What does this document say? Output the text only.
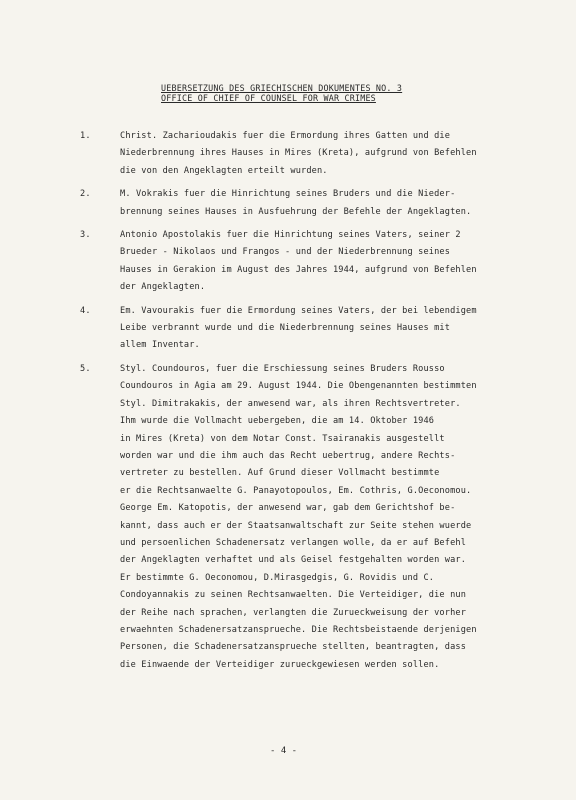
UEBERSETZUNG DES GRIECHISCHEN DOKUMENTES NO. 3
OFFICE OF CHIEF OF COUNSEL FOR WAR CRIMES
1.	Christ. Zacharioudakis fuer die Ermordung ihres Gatten und die
Niederbrennung ihres Hauses in Mires (Kreta), aufgrund von Befehlen
die von den Angeklagten erteilt wurden.
2.	M. Vokrakis fuer die Hinrichtung seines Bruders und die Nieder-
brennung seines Hauses in Ausfuehrung der Befehle der Angeklagten.
3.	Antonio Apostolakis fuer die Hinrichtung seines Vaters, seiner 2
Brueder - Nikolaos und Frangos - und der Niederbrennung seines
Hauses in Gerakion im August des Jahres 1944, aufgrund von Befehlen
der Angeklagten.
4.	Em. Vavourakis fuer die Ermordung seines Vaters, der bei lebendigem
Leibe verbrannt wurde und die Niederbrennung seines Hauses mit
allem Inventar.
5.	Styl. Coundouros, fuer die Erschiessung seines Bruders Rousso
Coundouros in Agia am 29. August 1944. Die Obengenannten bestimmten
Styl. Dimitrakakis, der anwesend war, als ihren Rechtsvertreter.
Ihm wurde die Vollmacht uebergeben, die am 14. Oktober 1946
in Mires (Kreta) von dem Notar Const. Tsairanakis ausgestellt
worden war und die ihm auch das Recht uebertrug, andere Rechts-
vertreter zu bestellen. Auf Grund dieser Vollmacht bestimmte
er die Rechtsanwaelte G. Panayotopoulos, Em. Cothris, G.Oeconomou.
George Em. Katopotis, der anwesend war, gab dem Gerichtshof be-
kannt, dass auch er der Staatsanwaltschaft zur Seite stehen wuerde
und persoenlichen Schadenersatz verlangen wolle, da er auf Befehl
der Angeklagten verhaftet und als Geisel festgehalten worden war.
Er bestimmte G. Oeconomou, D.Mirasgedgis, G. Rovidis und C.
Condoyannakis zu seinen Rechtsanwaelten. Die Verteidiger, die nun
der Reihe nach sprachen, verlangten die Zurueckweisung der vorher
erwaehnten Schadenersatzansprueche. Die Rechtsbeistaende derjenigen
Personen, die Schadenersatzansprueche stellten, beantragten, dass
die Einwaende der Verteidiger zurueckgewiesen werden sollen.
- 4 -
